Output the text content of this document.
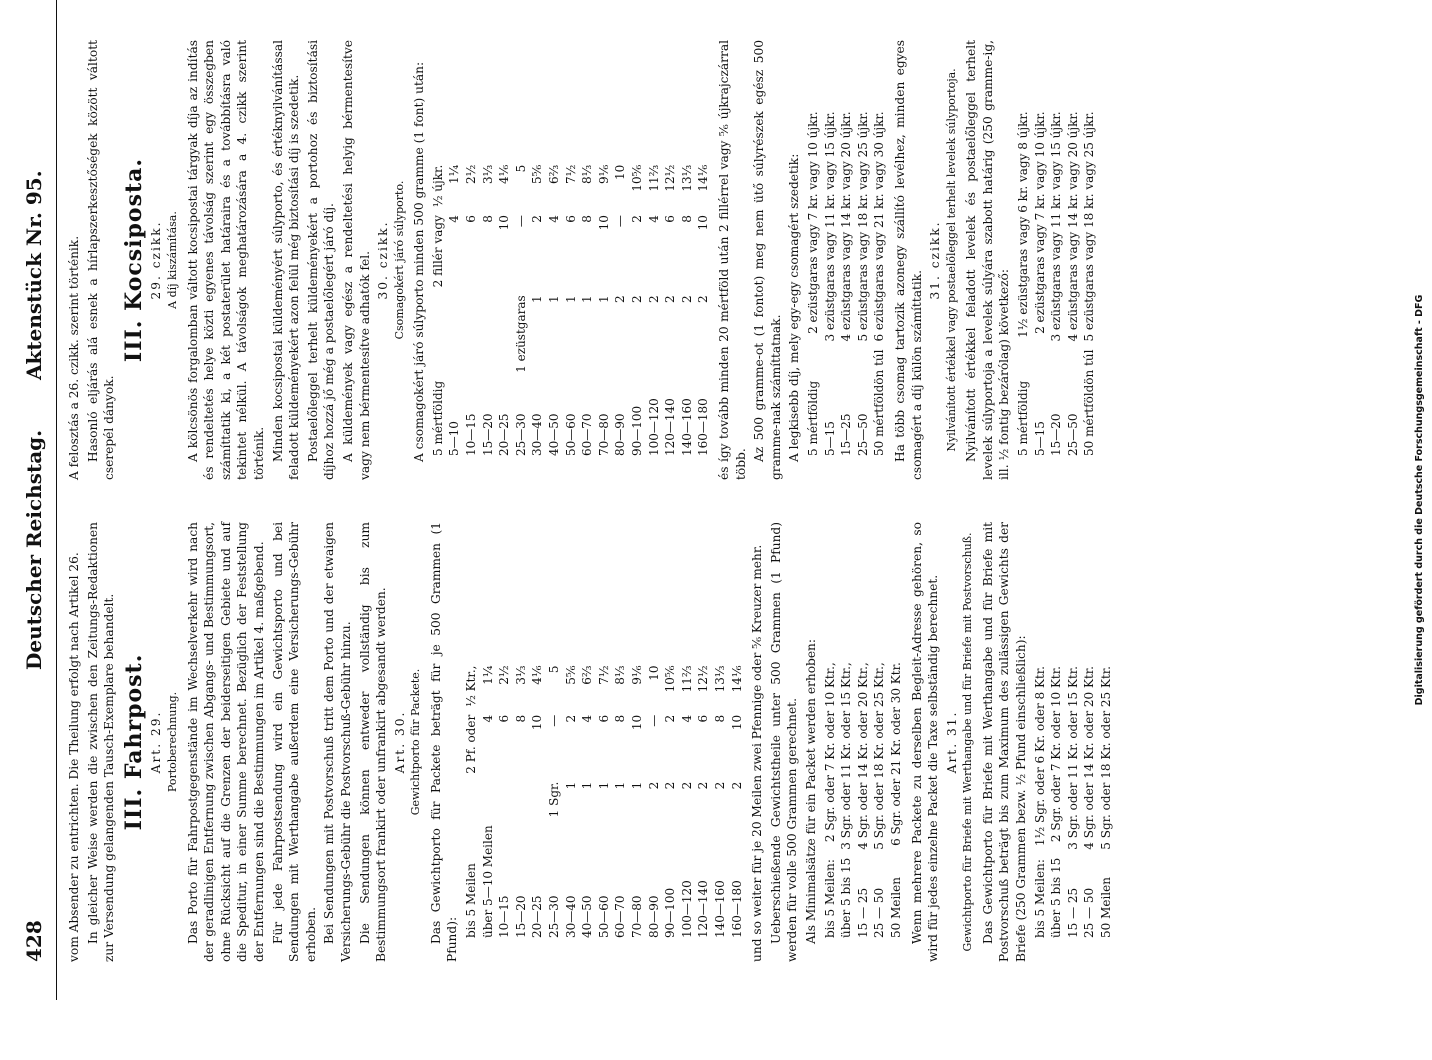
428
Deutscher Reichstag.
Aktenstück Nr. 95.

vom Absender zu entrichten. Die Theilung erfolgt nach Artikel 26. In gleicher Weise werden die zwischen den Zeitungs-Redaktionen zur Versendung gelangenden Tausch-Exemplare behandelt. III. Fahrpost. Art. 29. Portoberechnung. Das Porto für Fahrpostgegenstände im Wechselverkehr wird nach der geradlinigen Entfernung zwischen Abgangs- und Bestimmungsort, ohne Rücksicht auf die Grenzen der beiderseitigen Gebiete und auf die Speditur, in einer Summe berechnet. Bezüglich der Feststellung der Entfernungen sind die Bestimmungen im Artikel 4. maßgebend. Für jede Fahrpostsendung wird ein Gewichtsporto und bei Sendungen mit Werthangabe außerdem eine Versicherungs-Gebühr erhoben. Bei Sendungen mit Postvorschuß tritt dem Porto und der etwaigen Versicherungs-Gebühr die Postvorschuß-Gebühr hinzu. Die Sendungen können entweder vollständig bis zum Bestimmungsort frankirt oder unfrankirt abgesandt werden. Art. 30. Gewichtporto für Packete. Das Gewichtporto für Packete beträgt für je 500 Grammen (1 Pfund):

bis 5 Meilen		2 Pf. oder	½ Ktr.,
über 5—10 Meilen		4	1¼
10—15		6	2½
15—20		8	3⅓
20—25		10	4⅙
25—30	1 Sgr.	—	5
30—40	1	2	5⅚
40—50	1	4	6⅔
50—60	1	6	7½
60—70	1	8	8⅓
70—80	1	10	9⅙
80—90	2	—	10
90—100	2	2	10⅚
100—120	2	4	11⅔
120—140	2	6	12½
140—160	2	8	13⅓
160—180	2	10	14⅙ und so weiter für je 20 Meilen zwei Pfennige oder ⅚ Kreuzer mehr. Ueberschießende Gewichtstheile unter 500 Grammen (1 Pfund) werden für volle 500 Grammen gerechnet. Als Minimalsätze für ein Packet werden erhoben: bis 5 Meilen:	2 Sgr. oder 7 Kr. oder 10 Ktr.,
über 5 bis 15	3 Sgr. oder 11 Kr. oder 15 Ktr.,
15 — 25	4 Sgr. oder 14 Kr. oder 20 Ktr.,
25 — 50	5 Sgr. oder 18 Kr. oder 25 Ktr.,
50 Meilen	6 Sgr. oder 21 Kr. oder 30 Ktr. Wenn mehrere Packete zu derselben Begleit-Adresse gehören, so wird für jedes einzelne Packet die Taxe selbständig berechnet. Art. 31. Gewichtporto für Briefe mit Werthangabe und für Briefe mit Postvorschuß. Das Gewichtporto für Briefe mit Werthangabe und für Briefe mit Postvorschuß beträgt bis zum Maximum des zulässigen Gewichts der Briefe (250 Grammen bezw. ½ Pfund einschließlich): bis 5 Meilen:	1½ Sgr. oder 6 Kr. oder 8 Ktr.
über 5 bis 15	2 Sgr. oder 7 Kr. oder 10 Ktr.
15 — 25	3 Sgr. oder 11 Kr. oder 15 Ktr.
25 — 50	4 Sgr. oder 14 Kr. oder 20 Ktr.
50 Meilen	5 Sgr. oder 18 Kr. oder 25 Ktr.

A felosztás a 26. czikk. szerint történik. Hasonló eljárás alá esnek a hírlapszerkesztőségek között váltott cserepél dányok.

III. Kocsiposta. 29. czikk. A díj kiszámítása. A kölcsönös forgalomban váltott kocsipostai tárgyak díja az indítás és rendeltetés helye közti egyenes távolság szerint egy összegben számíttatik ki, a két postaterület határaira és a továbbításra való tekintet nélkül. A távolságok meghatározására a 4. czikk szerint történik. Minden kocsipostai küldeményért súlyporto, és értéknyilvánítással feladott küldeményekért azon felül még biztosítási díj is szedetik. Postaelőleggel terhelt küldeményekért a portohoz és biztosítási díjhoz hozzá jő még a postaelőlegért járó díj. A küldemények vagy egész a rendeltetési helyig bérmentesítve vagy nem bérmentesítve adhatók fel. 30. czikk. Csomagokért járó súlyporto. A csomagokért járó súlyporto minden 500 gramme (1 font) után: 5 mértföldig		2 fillér vagy	½ újkr.
5—10		4	1¼
10—15		6	2½
15—20		8	3⅓
20—25		10	4⅙
25—30	1 ezüstgaras	—	5
30—40	1	2	5⅚
40—50	1	4	6⅔
50—60	1	6	7½
60—70	1	8	8⅓
70—80	1	10	9⅙
80—90	2	—	10
90—100	2	2	10⅚
100—120	2	4	11⅔
120—140	2	6	12½
140—160	2	8	13⅓
160—180	2	10	14⅙ és így tovább minden 20 mértföld után 2 fillérrel vagy ⅚ újkrajczárral több.

Az 500 gramme-ot (1 fontot) meg nem ütő súlyrészek egész 500 gramme-nak számíttatnak. A legkisebb díj, mely egy-egy csomagért szedetik: 5 mértföldig	2 ezüstgaras vagy 7 kr. vagy 10 újkr.
5—15	3 ezüstgaras vagy 11 kr. vagy 15 újkr.
15—25	4 ezüstgaras vagy 14 kr. vagy 20 újkr.
25—50	5 ezüstgaras vagy 18 kr. vagy 25 újkr.
50 mértföldön túl	6 ezüstgaras vagy 21 kr. vagy 30 újkr. Ha több csomag tartozik azonegy szállító levélhez, minden egyes csomagért a díj külön számíttatik.

31. czikk. Nyilvánított értékkel vagy postaelőleggel terhelt levelek súlyportoja. Nyilvánított értékkel feladott levelek és postaelőleggel terhelt levelek súlyportoja a levelek súlyára szabott határig (250 gramme-ig, ill. ½ fontig bezárólag) következő: 5 mértföldig	1½ ezüstgaras vagy 6 kr. vagy 8 újkr.
5—15	2 ezüstgaras vagy 7 kr. vagy 10 újkr.
15—20	3 ezüstgaras vagy 11 kr. vagy 15 újkr.
25—50	4 ezüstgaras vagy 14 kr. vagy 20 újkr.
50 mértföldön túl	5 ezüstgaras vagy 18 kr. vagy 25 újkr.
Digitalisierung gefördert durch die Deutsche Forschungsgemeinschaft - DFG
